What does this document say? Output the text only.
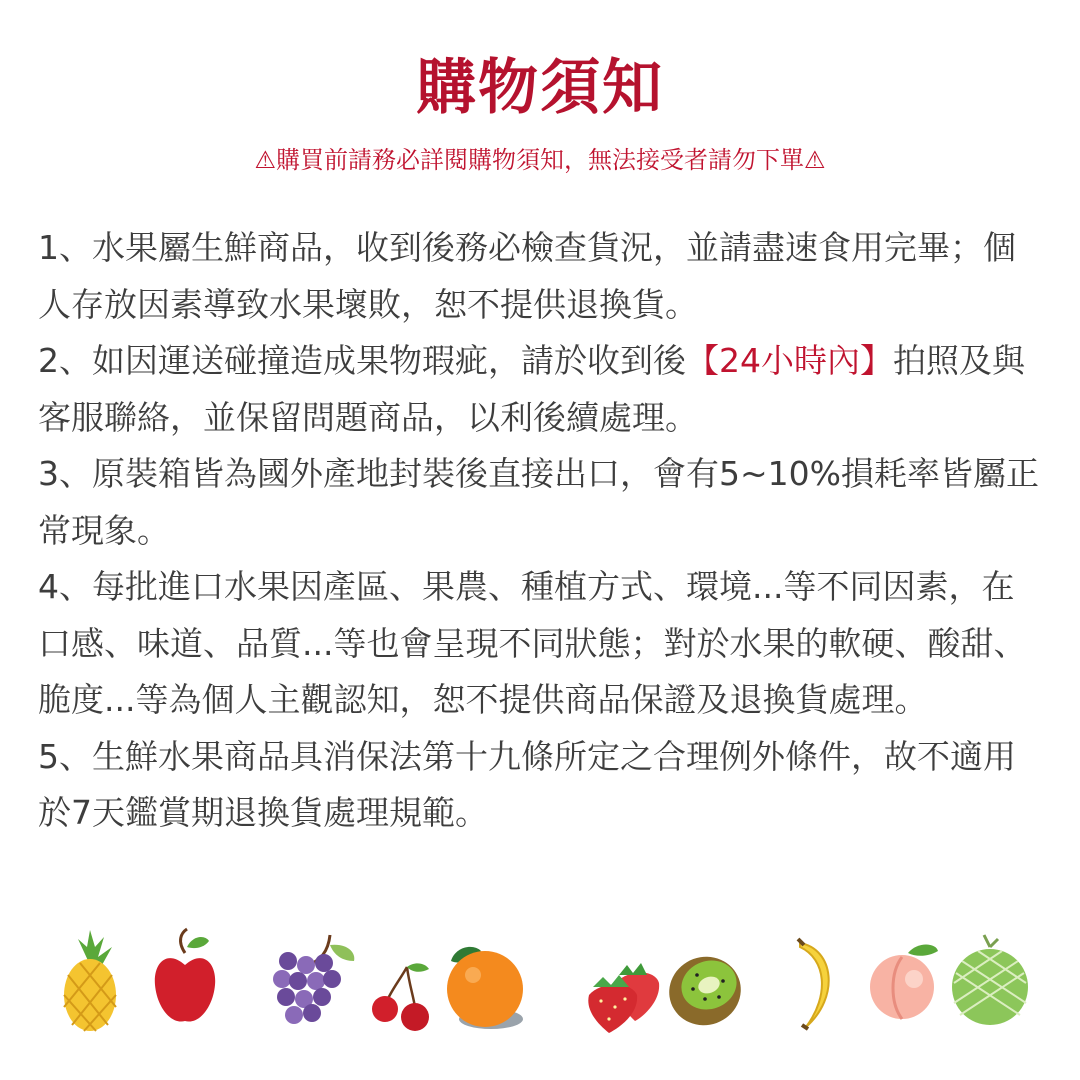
購物須知
⚠購買前請務必詳閱購物須知，無法接受者請勿下單⚠

1、水果屬生鮮商品，收到後務必檢查貨況，並請盡速食用完畢；個人存放因素導致水果壞敗，恕不提供退換貨。

2、如因運送碰撞造成果物瑕疵，請於收到後【24小時內】拍照及與客服聯絡，並保留問題商品，以利後續處理。

3、原裝箱皆為國外產地封裝後直接出口，會有5~10%損耗率皆屬正常現象。

4、每批進口水果因產區、果農、種植方式、環境...等不同因素，在口感、味道、品質...等也會呈現不同狀態；對於水果的軟硬、酸甜、脆度...等為個人主觀認知，恕不提供商品保證及退換貨處理。

5、生鮮水果商品具消保法第十九條所定之合理例外條件，故不適用於7天鑑賞期退換貨處理規範。
